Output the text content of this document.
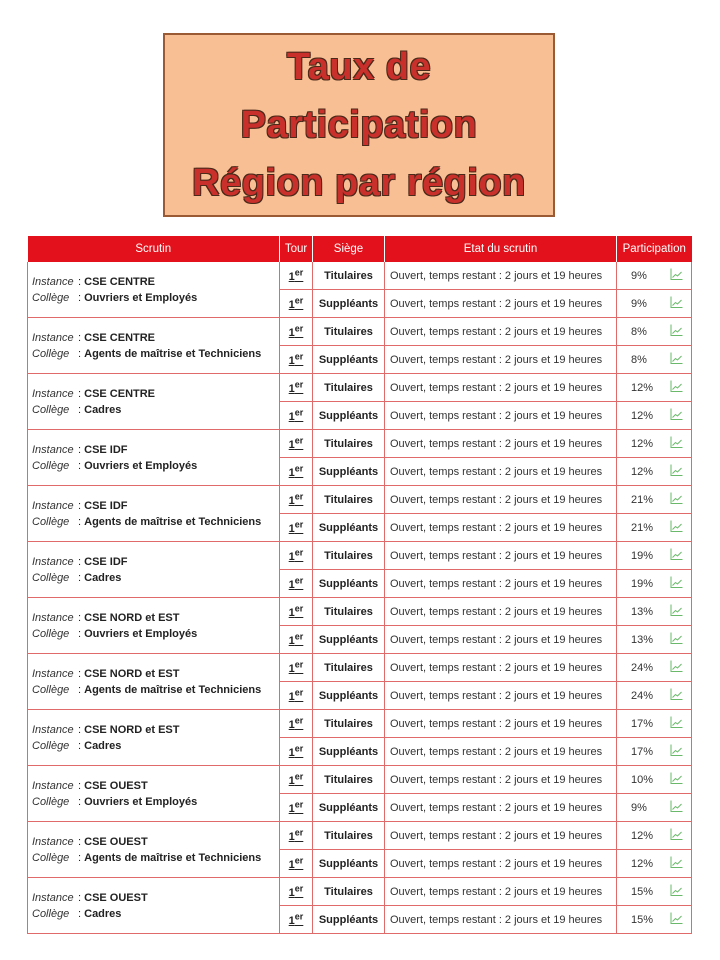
Taux de
Participation
Région par région
Scrutin	Tour	Siège	Etat du scrutin	Participation

Instance : CSE CENTRE
Collège : Ouvriers et Employés	1er	Titulaires	Ouvert, temps restant : 2 jours et 19 heures	9%

	1er	Suppléants	Ouvert, temps restant : 2 jours et 19 heures	9%

Instance : CSE CENTRE
Collège : Agents de maîtrise et Techniciens	1er	Titulaires	Ouvert, temps restant : 2 jours et 19 heures	8%

	1er	Suppléants	Ouvert, temps restant : 2 jours et 19 heures	8%

Instance : CSE CENTRE
Collège : Cadres	1er	Titulaires	Ouvert, temps restant : 2 jours et 19 heures	12%

	1er	Suppléants	Ouvert, temps restant : 2 jours et 19 heures	12%

Instance : CSE IDF
Collège : Ouvriers et Employés	1er	Titulaires	Ouvert, temps restant : 2 jours et 19 heures	12%

	1er	Suppléants	Ouvert, temps restant : 2 jours et 19 heures	12%

Instance : CSE IDF
Collège : Agents de maîtrise et Techniciens	1er	Titulaires	Ouvert, temps restant : 2 jours et 19 heures	21%

	1er	Suppléants	Ouvert, temps restant : 2 jours et 19 heures	21%

Instance : CSE IDF
Collège : Cadres	1er	Titulaires	Ouvert, temps restant : 2 jours et 19 heures	19%

	1er	Suppléants	Ouvert, temps restant : 2 jours et 19 heures	19%

Instance : CSE NORD et EST
Collège : Ouvriers et Employés	1er	Titulaires	Ouvert, temps restant : 2 jours et 19 heures	13%

	1er	Suppléants	Ouvert, temps restant : 2 jours et 19 heures	13%

Instance : CSE NORD et EST
Collège : Agents de maîtrise et Techniciens	1er	Titulaires	Ouvert, temps restant : 2 jours et 19 heures	24%

	1er	Suppléants	Ouvert, temps restant : 2 jours et 19 heures	24%

Instance : CSE NORD et EST
Collège : Cadres	1er	Titulaires	Ouvert, temps restant : 2 jours et 19 heures	17%

	1er	Suppléants	Ouvert, temps restant : 2 jours et 19 heures	17%

Instance : CSE OUEST
Collège : Ouvriers et Employés	1er	Titulaires	Ouvert, temps restant : 2 jours et 19 heures	10%

	1er	Suppléants	Ouvert, temps restant : 2 jours et 19 heures	9%

Instance : CSE OUEST
Collège : Agents de maîtrise et Techniciens	1er	Titulaires	Ouvert, temps restant : 2 jours et 19 heures	12%

	1er	Suppléants	Ouvert, temps restant : 2 jours et 19 heures	12%

Instance : CSE OUEST
Collège : Cadres	1er	Titulaires	Ouvert, temps restant : 2 jours et 19 heures	15%

	1er	Suppléants	Ouvert, temps restant : 2 jours et 19 heures	15%
